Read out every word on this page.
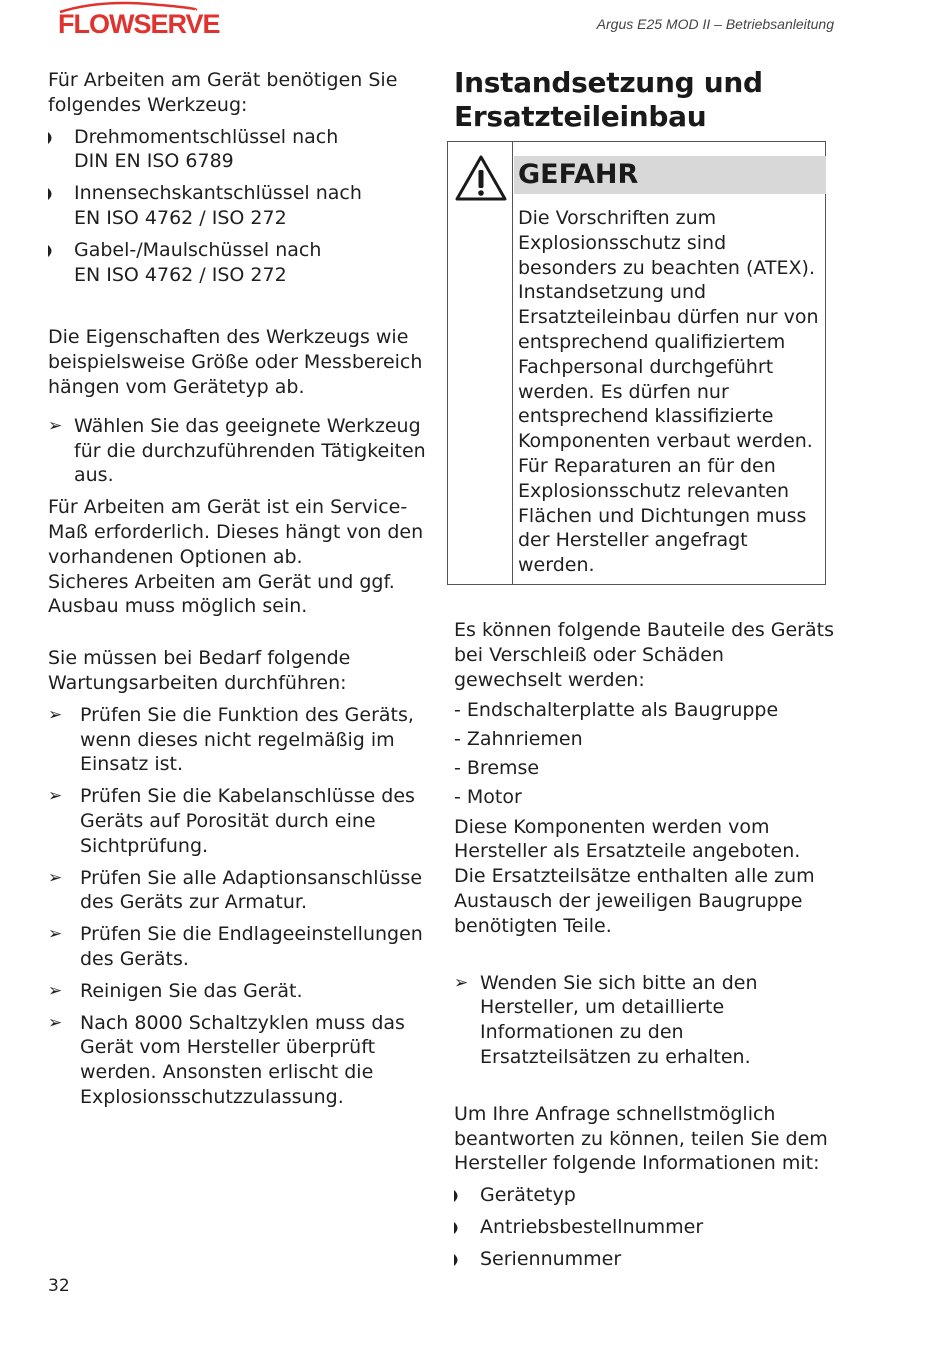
FLOWSERVE	Argus E25 MOD II – Betriebsanleitung

Für Arbeiten am Gerät benötigen Sie folgendes Werkzeug:

Drehmomentschlüssel nach
DIN EN ISO 6789
Innensechskantschlüssel nach
EN ISO 4762 / ISO 272
Gabel-/Maulschüssel nach
EN ISO 4762 / ISO 272

Die Eigenschaften des Werkzeugs wie beispielsweise Größe oder Messbereich hängen vom Gerätetyp ab.

➢ Wählen Sie das geeignete Werkzeug für die durchzuführenden Tätigkeiten aus.

Für Arbeiten am Gerät ist ein Service-Maß erforderlich. Dieses hängt von den vorhandenen Optionen ab.

Sicheres Arbeiten am Gerät und ggf. Ausbau muss möglich sein.

Sie müssen bei Bedarf folgende Wartungsarbeiten durchführen:

➢ Prüfen Sie die Funktion des Geräts, wenn dieses nicht regelmäßig im Einsatz ist.
➢ Prüfen Sie die Kabelanschlüsse des Geräts auf Porosität durch eine Sichtprüfung.
➢ Prüfen Sie alle Adaptionsanschlüsse des Geräts zur Armatur.
➢ Prüfen Sie die Endlageeinstellungen des Geräts.
➢ Reinigen Sie das Gerät.
➢ Nach 8000 Schaltzyklen muss das Gerät vom Hersteller überprüft werden. Ansonsten erlischt die Explosionsschutzzulassung.
Instandsetzung und Ersatzteileinbau
GEFAHR

Die Vorschriften zum Explosionsschutz sind besonders zu beachten (ATEX).

Instandsetzung und Ersatzteileinbau dürfen nur von entsprechend qualifiziertem Fachpersonal durchgeführt werden. Es dürfen nur entsprechend klassifizierte Komponenten verbaut werden.

Für Reparaturen an für den Explosionsschutz relevanten Flächen und Dichtungen muss der Hersteller angefragt werden.

Es können folgende Bauteile des Geräts bei Verschleiß oder Schäden gewechselt werden:

- Endschalterplatte als Baugruppe
- Zahnriemen
- Bremse
- Motor

Diese Komponenten werden vom Hersteller als Ersatzteile angeboten. Die Ersatzteilsätze enthalten alle zum Austausch der jeweiligen Baugruppe benötigten Teile.

➢ Wenden Sie sich bitte an den Hersteller, um detaillierte Informationen zu den Ersatzteilsätzen zu erhalten.

Um Ihre Anfrage schnellstmöglich beantworten zu können, teilen Sie dem Hersteller folgende Informationen mit:

Gerätetyp
Antriebsbestellnummer
Seriennummer
32
